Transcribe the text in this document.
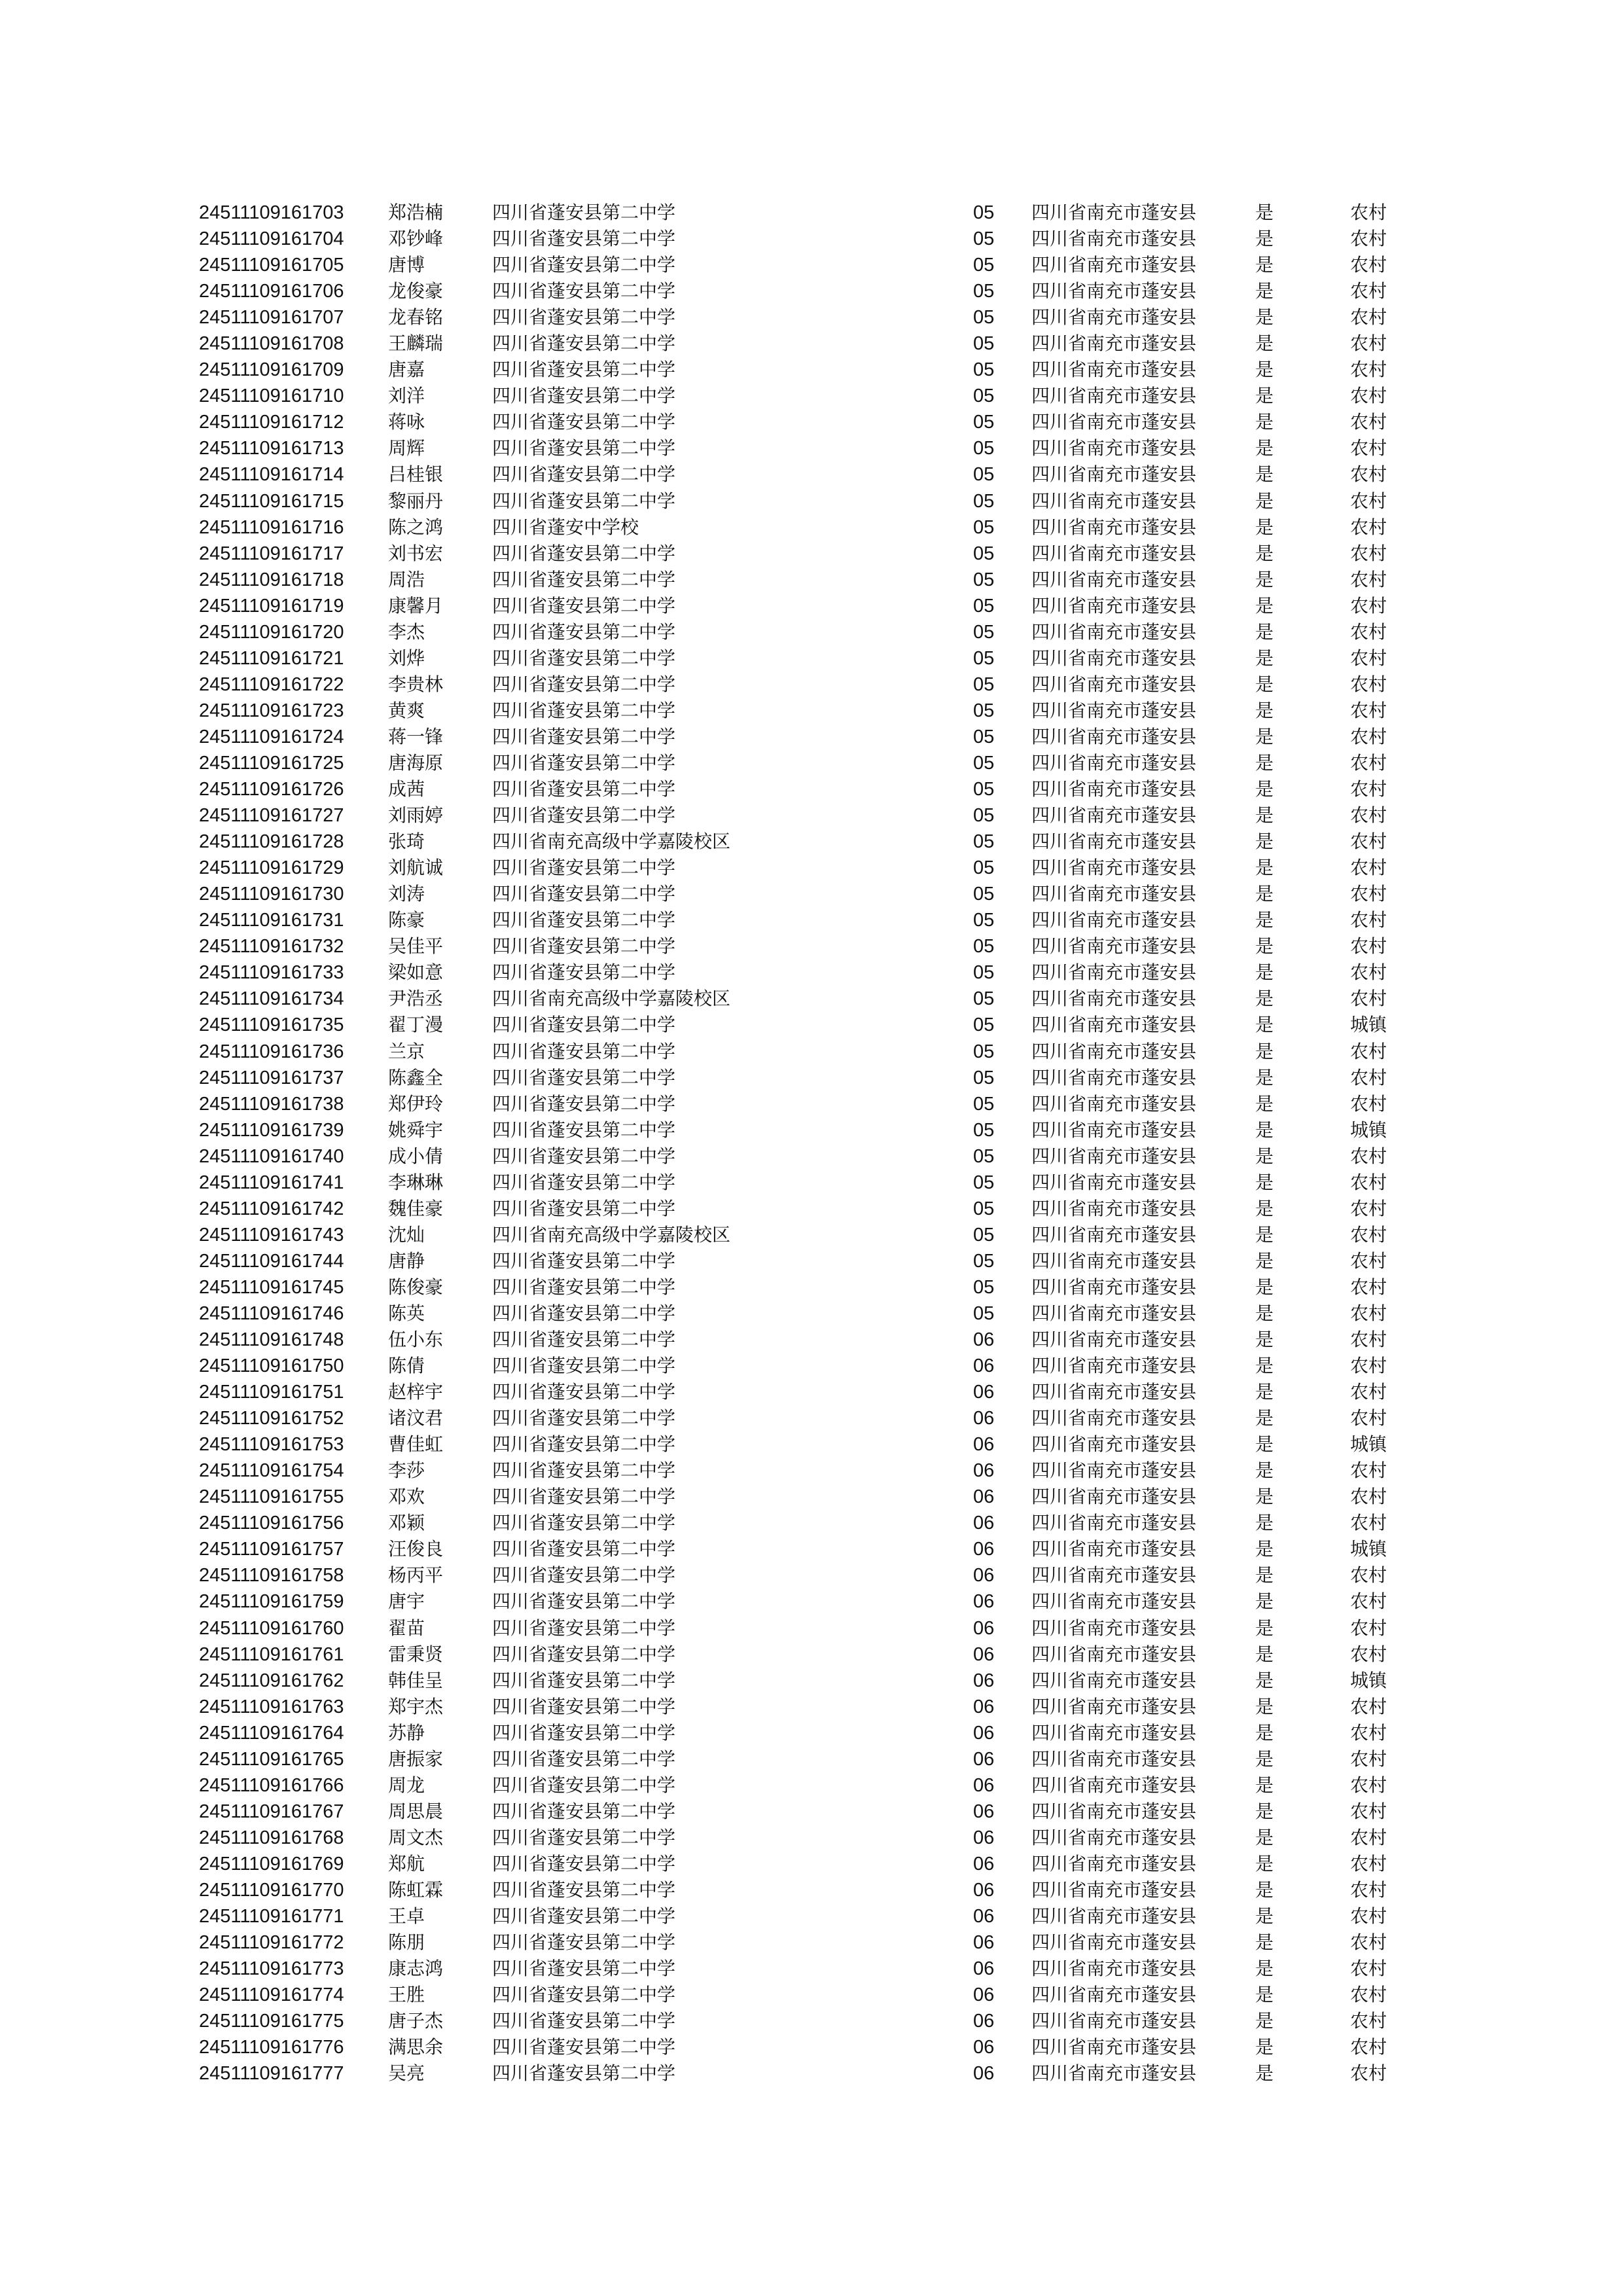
24511109161703 郑浩楠	四川省蓬安县第二中学	05 四川省南充市蓬安县	是	农村
24511109161704 邓钞峰	四川省蓬安县第二中学	05 四川省南充市蓬安县	是	农村
24511109161705 唐博	四川省蓬安县第二中学	05 四川省南充市蓬安县	是	农村
24511109161706 龙俊豪	四川省蓬安县第二中学	05 四川省南充市蓬安县	是	农村
24511109161707 龙春铭	四川省蓬安县第二中学	05 四川省南充市蓬安县	是	农村
24511109161708 王麟瑞	四川省蓬安县第二中学	05 四川省南充市蓬安县	是	农村
24511109161709 唐嘉	四川省蓬安县第二中学	05 四川省南充市蓬安县	是	农村
24511109161710 刘洋	四川省蓬安县第二中学	05 四川省南充市蓬安县	是	农村
24511109161712 蒋咏	四川省蓬安县第二中学	05 四川省南充市蓬安县	是	农村
24511109161713 周辉	四川省蓬安县第二中学	05 四川省南充市蓬安县	是	农村
24511109161714 吕桂银	四川省蓬安县第二中学	05 四川省南充市蓬安县	是	农村
24511109161715 黎丽丹	四川省蓬安县第二中学	05 四川省南充市蓬安县	是	农村
24511109161716 陈之鸿	四川省蓬安中学校	05 四川省南充市蓬安县	是	农村
24511109161717 刘书宏	四川省蓬安县第二中学	05 四川省南充市蓬安县	是	农村
24511109161718 周浩	四川省蓬安县第二中学	05 四川省南充市蓬安县	是	农村
24511109161719 康馨月	四川省蓬安县第二中学	05 四川省南充市蓬安县	是	农村
24511109161720 李杰	四川省蓬安县第二中学	05 四川省南充市蓬安县	是	农村
24511109161721 刘烨	四川省蓬安县第二中学	05 四川省南充市蓬安县	是	农村
24511109161722 李贵林	四川省蓬安县第二中学	05 四川省南充市蓬安县	是	农村
24511109161723 黄爽	四川省蓬安县第二中学	05 四川省南充市蓬安县	是	农村
24511109161724 蒋一锋	四川省蓬安县第二中学	05 四川省南充市蓬安县	是	农村
24511109161725 唐海原	四川省蓬安县第二中学	05 四川省南充市蓬安县	是	农村
24511109161726 成茜	四川省蓬安县第二中学	05 四川省南充市蓬安县	是	农村
24511109161727 刘雨婷	四川省蓬安县第二中学	05 四川省南充市蓬安县	是	农村
24511109161728 张琦	四川省南充高级中学嘉陵校区	05 四川省南充市蓬安县	是	农村
24511109161729 刘航诚	四川省蓬安县第二中学	05 四川省南充市蓬安县	是	农村
24511109161730 刘涛	四川省蓬安县第二中学	05 四川省南充市蓬安县	是	农村
24511109161731 陈豪	四川省蓬安县第二中学	05 四川省南充市蓬安县	是	农村
24511109161732 吴佳平	四川省蓬安县第二中学	05 四川省南充市蓬安县	是	农村
24511109161733 梁如意	四川省蓬安县第二中学	05 四川省南充市蓬安县	是	农村
24511109161734 尹浩丞	四川省南充高级中学嘉陵校区	05 四川省南充市蓬安县	是	农村
24511109161735 翟丁漫	四川省蓬安县第二中学	05 四川省南充市蓬安县	是	城镇
24511109161736 兰京	四川省蓬安县第二中学	05 四川省南充市蓬安县	是	农村
24511109161737 陈鑫全	四川省蓬安县第二中学	05 四川省南充市蓬安县	是	农村
24511109161738 郑伊玲	四川省蓬安县第二中学	05 四川省南充市蓬安县	是	农村
24511109161739 姚舜宇	四川省蓬安县第二中学	05 四川省南充市蓬安县	是	城镇
24511109161740 成小倩	四川省蓬安县第二中学	05 四川省南充市蓬安县	是	农村
24511109161741 李琳琳	四川省蓬安县第二中学	05 四川省南充市蓬安县	是	农村
24511109161742 魏佳豪	四川省蓬安县第二中学	05 四川省南充市蓬安县	是	农村
24511109161743 沈灿	四川省南充高级中学嘉陵校区	05 四川省南充市蓬安县	是	农村
24511109161744 唐静	四川省蓬安县第二中学	05 四川省南充市蓬安县	是	农村
24511109161745 陈俊豪	四川省蓬安县第二中学	05 四川省南充市蓬安县	是	农村
24511109161746 陈英	四川省蓬安县第二中学	05 四川省南充市蓬安县	是	农村
24511109161748 伍小东	四川省蓬安县第二中学	06 四川省南充市蓬安县	是	农村
24511109161750 陈倩	四川省蓬安县第二中学	06 四川省南充市蓬安县	是	农村
24511109161751 赵梓宇	四川省蓬安县第二中学	06 四川省南充市蓬安县	是	农村
24511109161752 诸汶君	四川省蓬安县第二中学	06 四川省南充市蓬安县	是	农村
24511109161753 曹佳虹	四川省蓬安县第二中学	06 四川省南充市蓬安县	是	城镇
24511109161754 李莎	四川省蓬安县第二中学	06 四川省南充市蓬安县	是	农村
24511109161755 邓欢	四川省蓬安县第二中学	06 四川省南充市蓬安县	是	农村
24511109161756 邓颖	四川省蓬安县第二中学	06 四川省南充市蓬安县	是	农村
24511109161757 汪俊良	四川省蓬安县第二中学	06 四川省南充市蓬安县	是	城镇
24511109161758 杨丙平	四川省蓬安县第二中学	06 四川省南充市蓬安县	是	农村
24511109161759 唐宇	四川省蓬安县第二中学	06 四川省南充市蓬安县	是	农村
24511109161760 翟苗	四川省蓬安县第二中学	06 四川省南充市蓬安县	是	农村
24511109161761 雷秉贤	四川省蓬安县第二中学	06 四川省南充市蓬安县	是	农村
24511109161762 韩佳呈	四川省蓬安县第二中学	06 四川省南充市蓬安县	是	城镇
24511109161763 郑宇杰	四川省蓬安县第二中学	06 四川省南充市蓬安县	是	农村
24511109161764 苏静	四川省蓬安县第二中学	06 四川省南充市蓬安县	是	农村
24511109161765 唐振家	四川省蓬安县第二中学	06 四川省南充市蓬安县	是	农村
24511109161766 周龙	四川省蓬安县第二中学	06 四川省南充市蓬安县	是	农村
24511109161767 周思晨	四川省蓬安县第二中学	06 四川省南充市蓬安县	是	农村
24511109161768 周文杰	四川省蓬安县第二中学	06 四川省南充市蓬安县	是	农村
24511109161769 郑航	四川省蓬安县第二中学	06 四川省南充市蓬安县	是	农村
24511109161770 陈虹霖	四川省蓬安县第二中学	06 四川省南充市蓬安县	是	农村
24511109161771 王卓	四川省蓬安县第二中学	06 四川省南充市蓬安县	是	农村
24511109161772 陈朋	四川省蓬安县第二中学	06 四川省南充市蓬安县	是	农村
24511109161773 康志鸿	四川省蓬安县第二中学	06 四川省南充市蓬安县	是	农村
24511109161774 王胜	四川省蓬安县第二中学	06 四川省南充市蓬安县	是	农村
24511109161775 唐子杰	四川省蓬安县第二中学	06 四川省南充市蓬安县	是	农村
24511109161776 满思余	四川省蓬安县第二中学	06 四川省南充市蓬安县	是	农村
24511109161777 吴亮	四川省蓬安县第二中学	06 四川省南充市蓬安县	是	农村
